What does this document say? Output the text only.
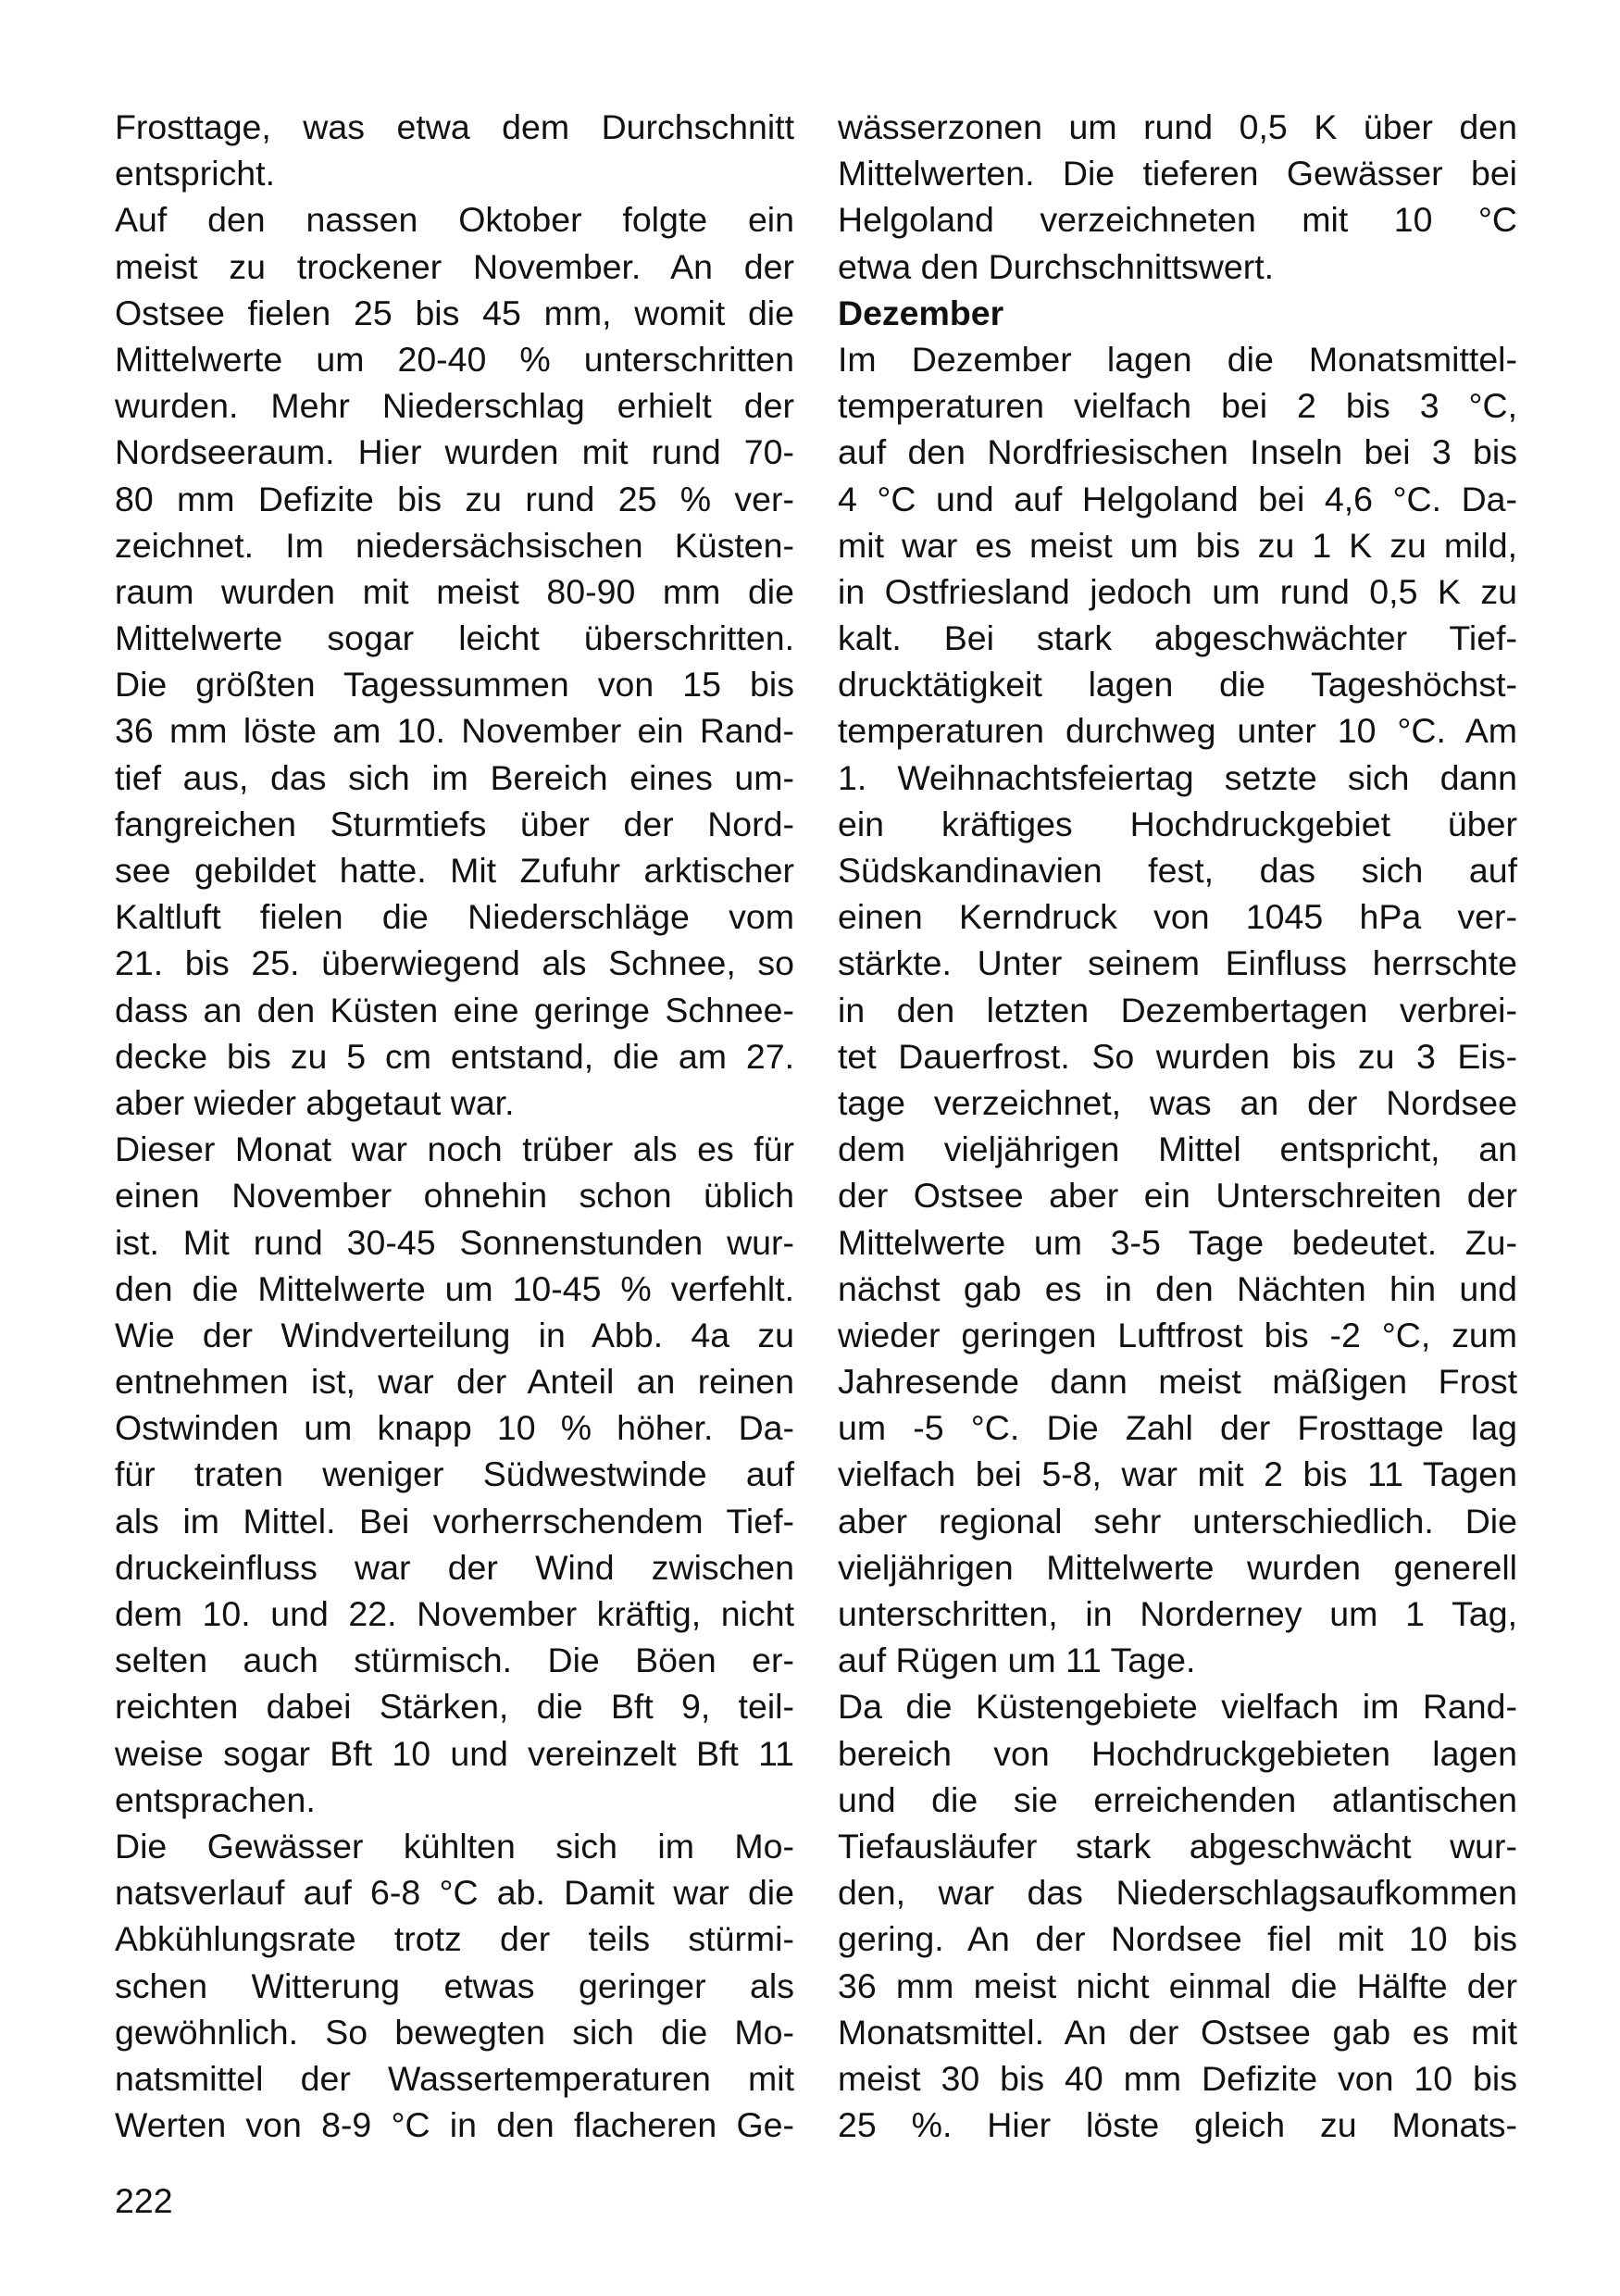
Frosttage, was etwa dem Durchschnitt
entspricht.
Auf den nassen Oktober folgte ein
meist zu trockener November. An der
Ostsee fielen 25 bis 45 mm, womit die
Mittelwerte um 20-40 % unterschritten
wurden. Mehr Niederschlag erhielt der
Nordseeraum. Hier wurden mit rund 70-
80 mm Defizite bis zu rund 25 % ver-
zeichnet. Im niedersächsischen Küsten-
raum wurden mit meist 80-90 mm die
Mittelwerte sogar leicht überschritten.
Die größten Tagessummen von 15 bis
36 mm löste am 10. November ein Rand-
tief aus, das sich im Bereich eines um-
fangreichen Sturmtiefs über der Nord-
see gebildet hatte. Mit Zufuhr arktischer
Kaltluft fielen die Niederschläge vom
21. bis 25. überwiegend als Schnee, so
dass an den Küsten eine geringe Schnee-
decke bis zu 5 cm entstand, die am 27.
aber wieder abgetaut war.
Dieser Monat war noch trüber als es für
einen November ohnehin schon üblich
ist. Mit rund 30-45 Sonnenstunden wur-
den die Mittelwerte um 10-45 % verfehlt.
Wie der Windverteilung in Abb. 4a zu
entnehmen ist, war der Anteil an reinen
Ostwinden um knapp 10 % höher. Da-
für traten weniger Südwestwinde auf
als im Mittel. Bei vorherrschendem Tief-
druckeinfluss war der Wind zwischen
dem 10. und 22. November kräftig, nicht
selten auch stürmisch. Die Böen er-
reichten dabei Stärken, die Bft 9, teil-
weise sogar Bft 10 und vereinzelt Bft 11
entsprachen.
Die Gewässer kühlten sich im Mo-
natsverlauf auf 6-8 °C ab. Damit war die
Abkühlungsrate trotz der teils stürmi-
schen Witterung etwas geringer als
gewöhnlich. So bewegten sich die Mo-
natsmittel der Wassertemperaturen mit
Werten von 8-9 °C in den flacheren Ge-
wässerzonen um rund 0,5 K über den
Mittelwerten. Die tieferen Gewässer bei
Helgoland verzeichneten mit 10 °C
etwa den Durchschnittswert.
Dezember
Im Dezember lagen die Monatsmittel-
temperaturen vielfach bei 2 bis 3 °C,
auf den Nordfriesischen Inseln bei 3 bis
4 °C und auf Helgoland bei 4,6 °C. Da-
mit war es meist um bis zu 1 K zu mild,
in Ostfriesland jedoch um rund 0,5 K zu
kalt. Bei stark abgeschwächter Tief-
drucktätigkeit lagen die Tageshöchst-
temperaturen durchweg unter 10 °C. Am
1. Weihnachtsfeiertag setzte sich dann
ein kräftiges Hochdruckgebiet über
Südskandinavien fest, das sich auf
einen Kerndruck von 1045 hPa ver-
stärkte. Unter seinem Einfluss herrschte
in den letzten Dezembertagen verbrei-
tet Dauerfrost. So wurden bis zu 3 Eis-
tage verzeichnet, was an der Nordsee
dem vieljährigen Mittel entspricht, an
der Ostsee aber ein Unterschreiten der
Mittelwerte um 3-5 Tage bedeutet. Zu-
nächst gab es in den Nächten hin und
wieder geringen Luftfrost bis -2 °C, zum
Jahresende dann meist mäßigen Frost
um -5 °C. Die Zahl der Frosttage lag
vielfach bei 5-8, war mit 2 bis 11 Tagen
aber regional sehr unterschiedlich. Die
vieljährigen Mittelwerte wurden generell
unterschritten, in Norderney um 1 Tag,
auf Rügen um 11 Tage.
Da die Küstengebiete vielfach im Rand-
bereich von Hochdruckgebieten lagen
und die sie erreichenden atlantischen
Tiefausläufer stark abgeschwächt wur-
den, war das Niederschlagsaufkommen
gering. An der Nordsee fiel mit 10 bis
36 mm meist nicht einmal die Hälfte der
Monatsmittel. An der Ostsee gab es mit
meist 30 bis 40 mm Defizite von 10 bis
25 %. Hier löste gleich zu Monats-
222
